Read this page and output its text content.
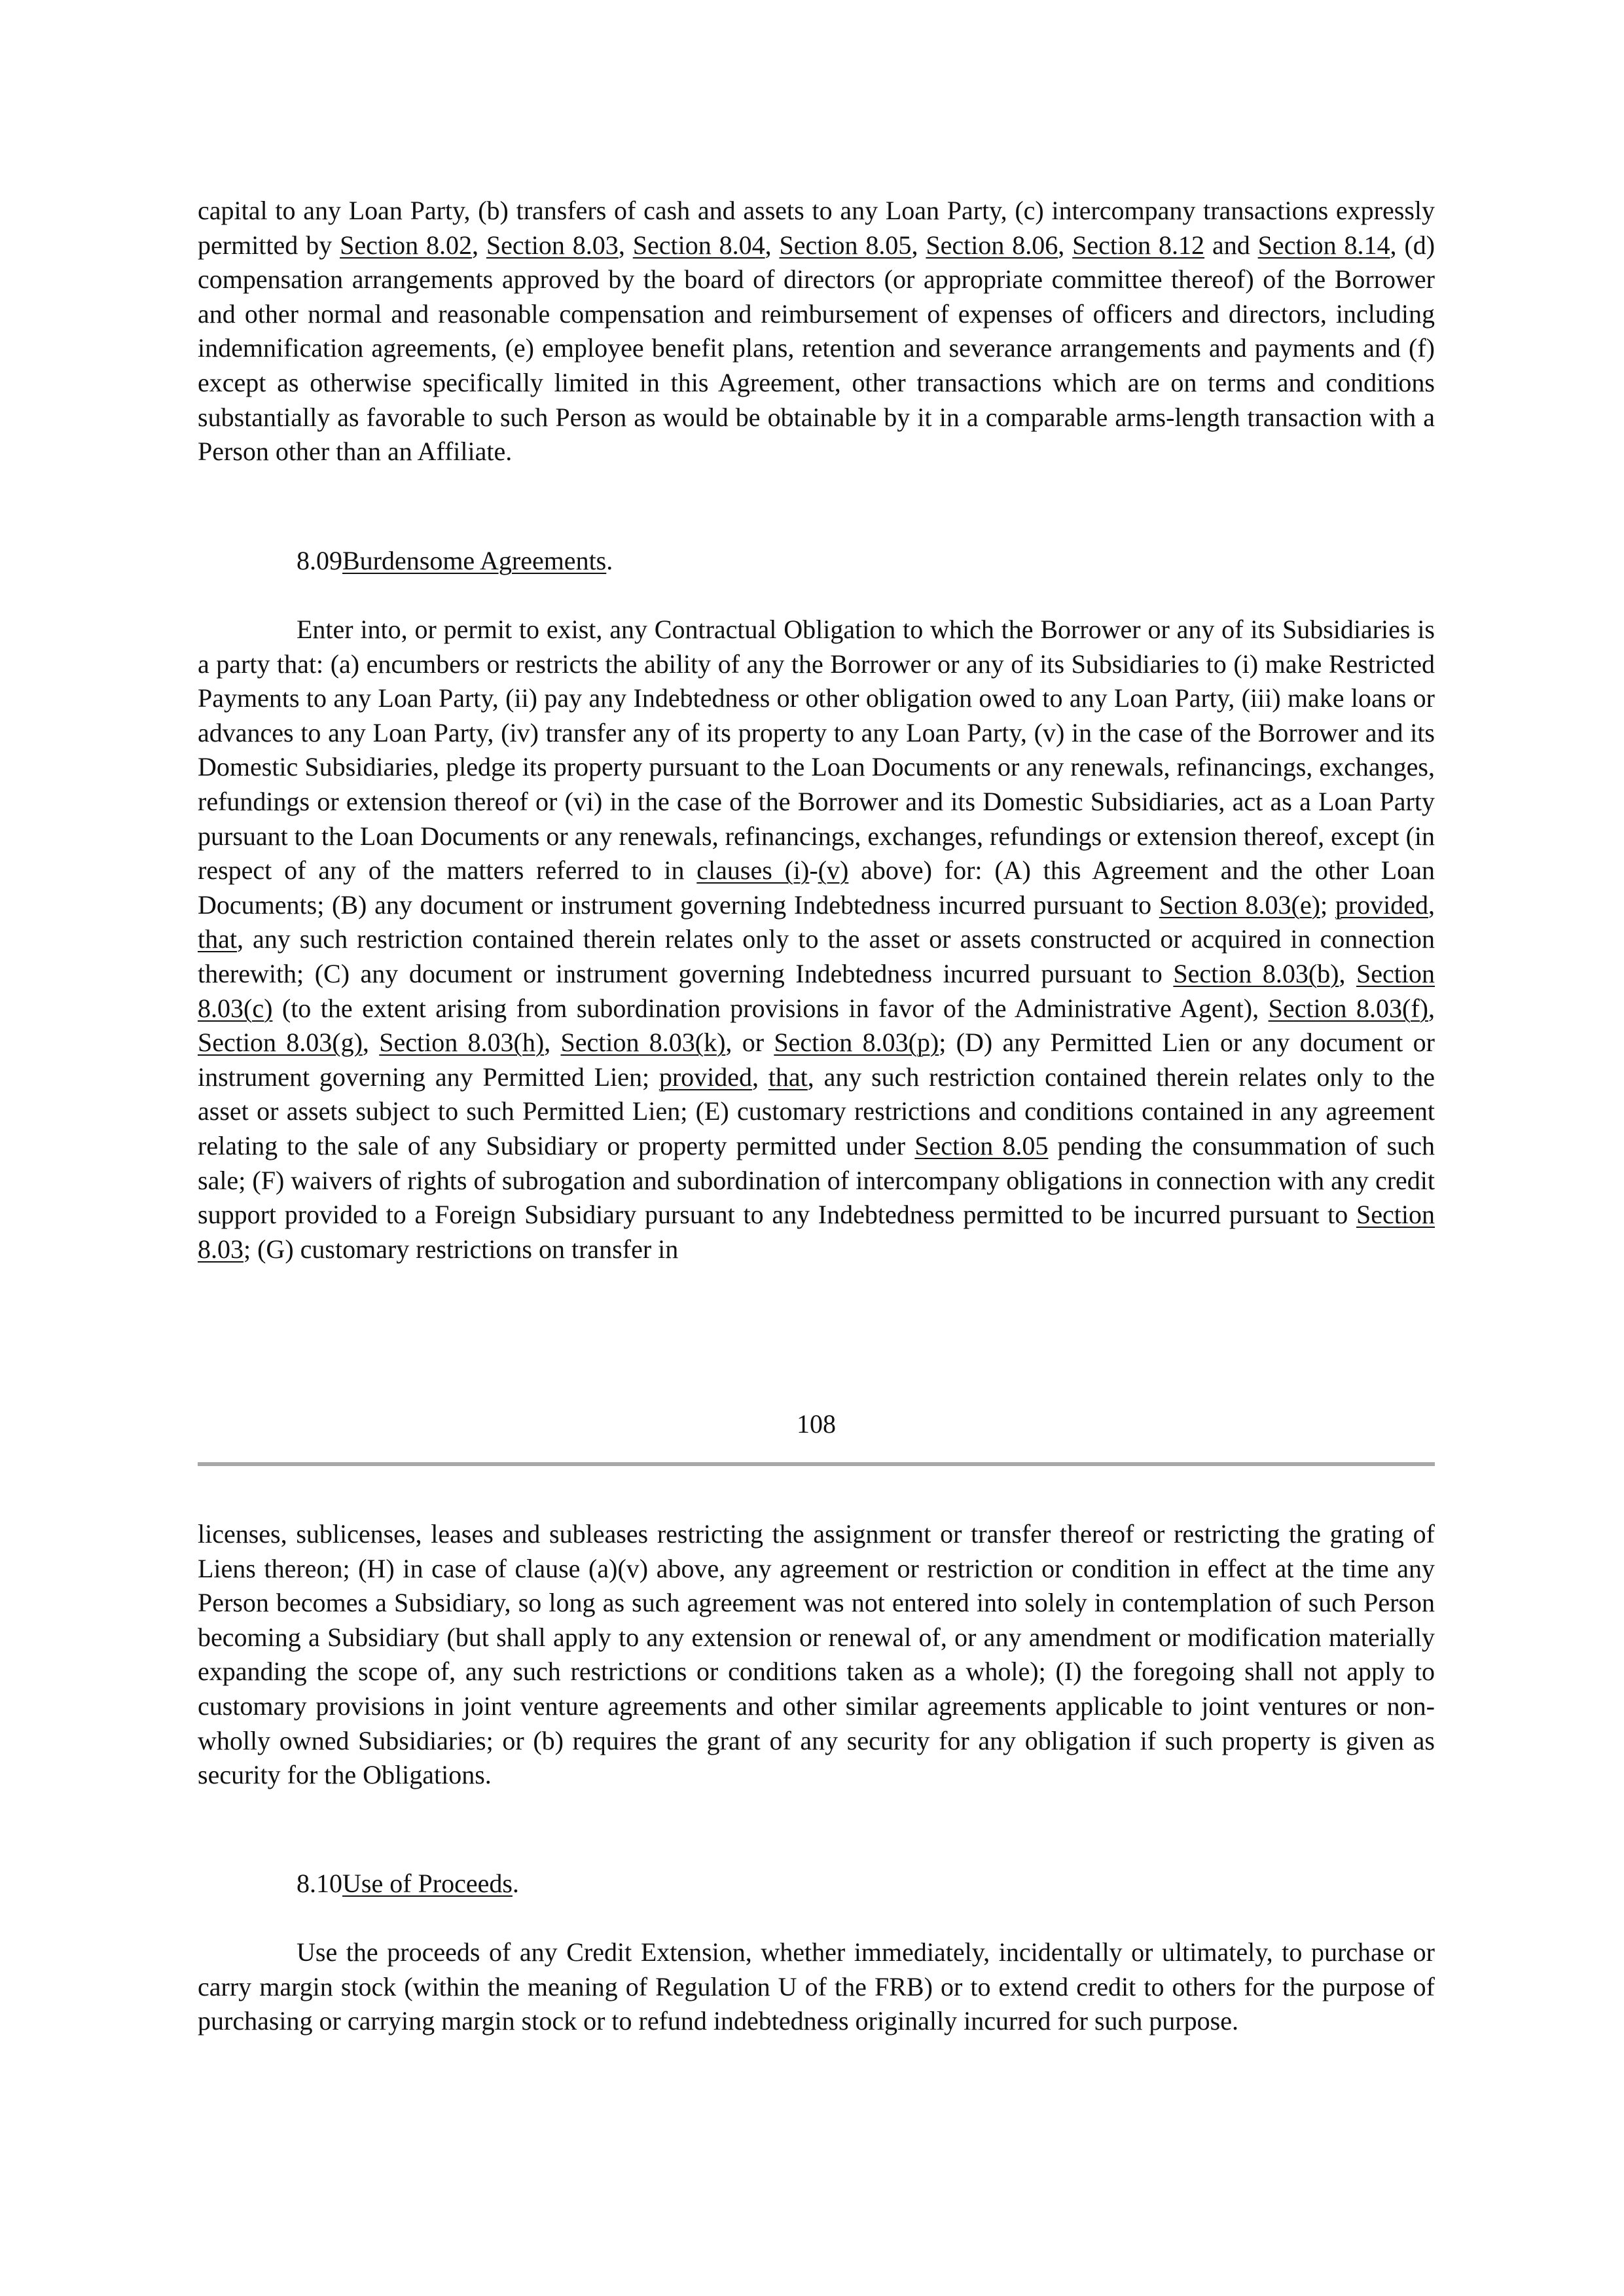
capital to any Loan Party, (b) transfers of cash and assets to any Loan Party, (c) intercompany transactions expressly permitted by Section 8.02, Section 8.03, Section 8.04, Section 8.05, Section 8.06, Section 8.12 and Section 8.14, (d) compensation arrangements approved by the board of directors (or appropriate committee thereof) of the Borrower and other normal and reasonable compensation and reimbursement of expenses of officers and directors, including indemnification agreements, (e) employee benefit plans, retention and severance arrangements and payments and (f) except as otherwise specifically limited in this Agreement, other transactions which are on terms and conditions substantially as favorable to such Person as would be obtainable by it in a comparable arms-length transaction with a Person other than an Affiliate.

8.09Burdensome Agreements.

Enter into, or permit to exist, any Contractual Obligation to which the Borrower or any of its Subsidiaries is a party that: (a) encumbers or restricts the ability of any the Borrower or any of its Subsidiaries to (i) make Restricted Payments to any Loan Party, (ii) pay any Indebtedness or other obligation owed to any Loan Party, (iii) make loans or advances to any Loan Party, (iv) transfer any of its property to any Loan Party, (v) in the case of the Borrower and its Domestic Subsidiaries, pledge its property pursuant to the Loan Documents or any renewals, refinancings, exchanges, refundings or extension thereof or (vi) in the case of the Borrower and its Domestic Subsidiaries, act as a Loan Party pursuant to the Loan Documents or any renewals, refinancings, exchanges, refundings or extension thereof, except (in respect of any of the matters referred to in clauses (i)-(v) above) for: (A) this Agreement and the other Loan Documents; (B) any document or instrument governing Indebtedness incurred pursuant to Section 8.03(e); provided, that, any such restriction contained therein relates only to the asset or assets constructed or acquired in connection therewith; (C) any document or instrument governing Indebtedness incurred pursuant to Section 8.03(b), Section 8.03(c) (to the extent arising from subordination provisions in favor of the Administrative Agent), Section 8.03(f), Section 8.03(g), Section 8.03(h), Section 8.03(k), or Section 8.03(p); (D) any Permitted Lien or any document or instrument governing any Permitted Lien; provided, that, any such restriction contained therein relates only to the asset or assets subject to such Permitted Lien; (E) customary restrictions and conditions contained in any agreement relating to the sale of any Subsidiary or property permitted under Section 8.05 pending the consummation of such sale; (F) waivers of rights of subrogation and subordination of intercompany obligations in connection with any credit support provided to a Foreign Subsidiary pursuant to any Indebtedness permitted to be incurred pursuant to Section 8.03; (G) customary restrictions on transfer in

108

licenses, sublicenses, leases and subleases restricting the assignment or transfer thereof or restricting the grating of Liens thereon; (H) in case of clause (a)(v) above, any agreement or restriction or condition in effect at the time any Person becomes a Subsidiary, so long as such agreement was not entered into solely in contemplation of such Person becoming a Subsidiary (but shall apply to any extension or renewal of, or any amendment or modification materially expanding the scope of, any such restrictions or conditions taken as a whole); (I) the foregoing shall not apply to customary provisions in joint venture agreements and other similar agreements applicable to joint ventures or non-wholly owned Subsidiaries; or (b) requires the grant of any security for any obligation if such property is given as security for the Obligations.

8.10Use of Proceeds.

Use the proceeds of any Credit Extension, whether immediately, incidentally or ultimately, to purchase or carry margin stock (within the meaning of Regulation U of the FRB) or to extend credit to others for the purpose of purchasing or carrying margin stock or to refund indebtedness originally incurred for such purpose.
